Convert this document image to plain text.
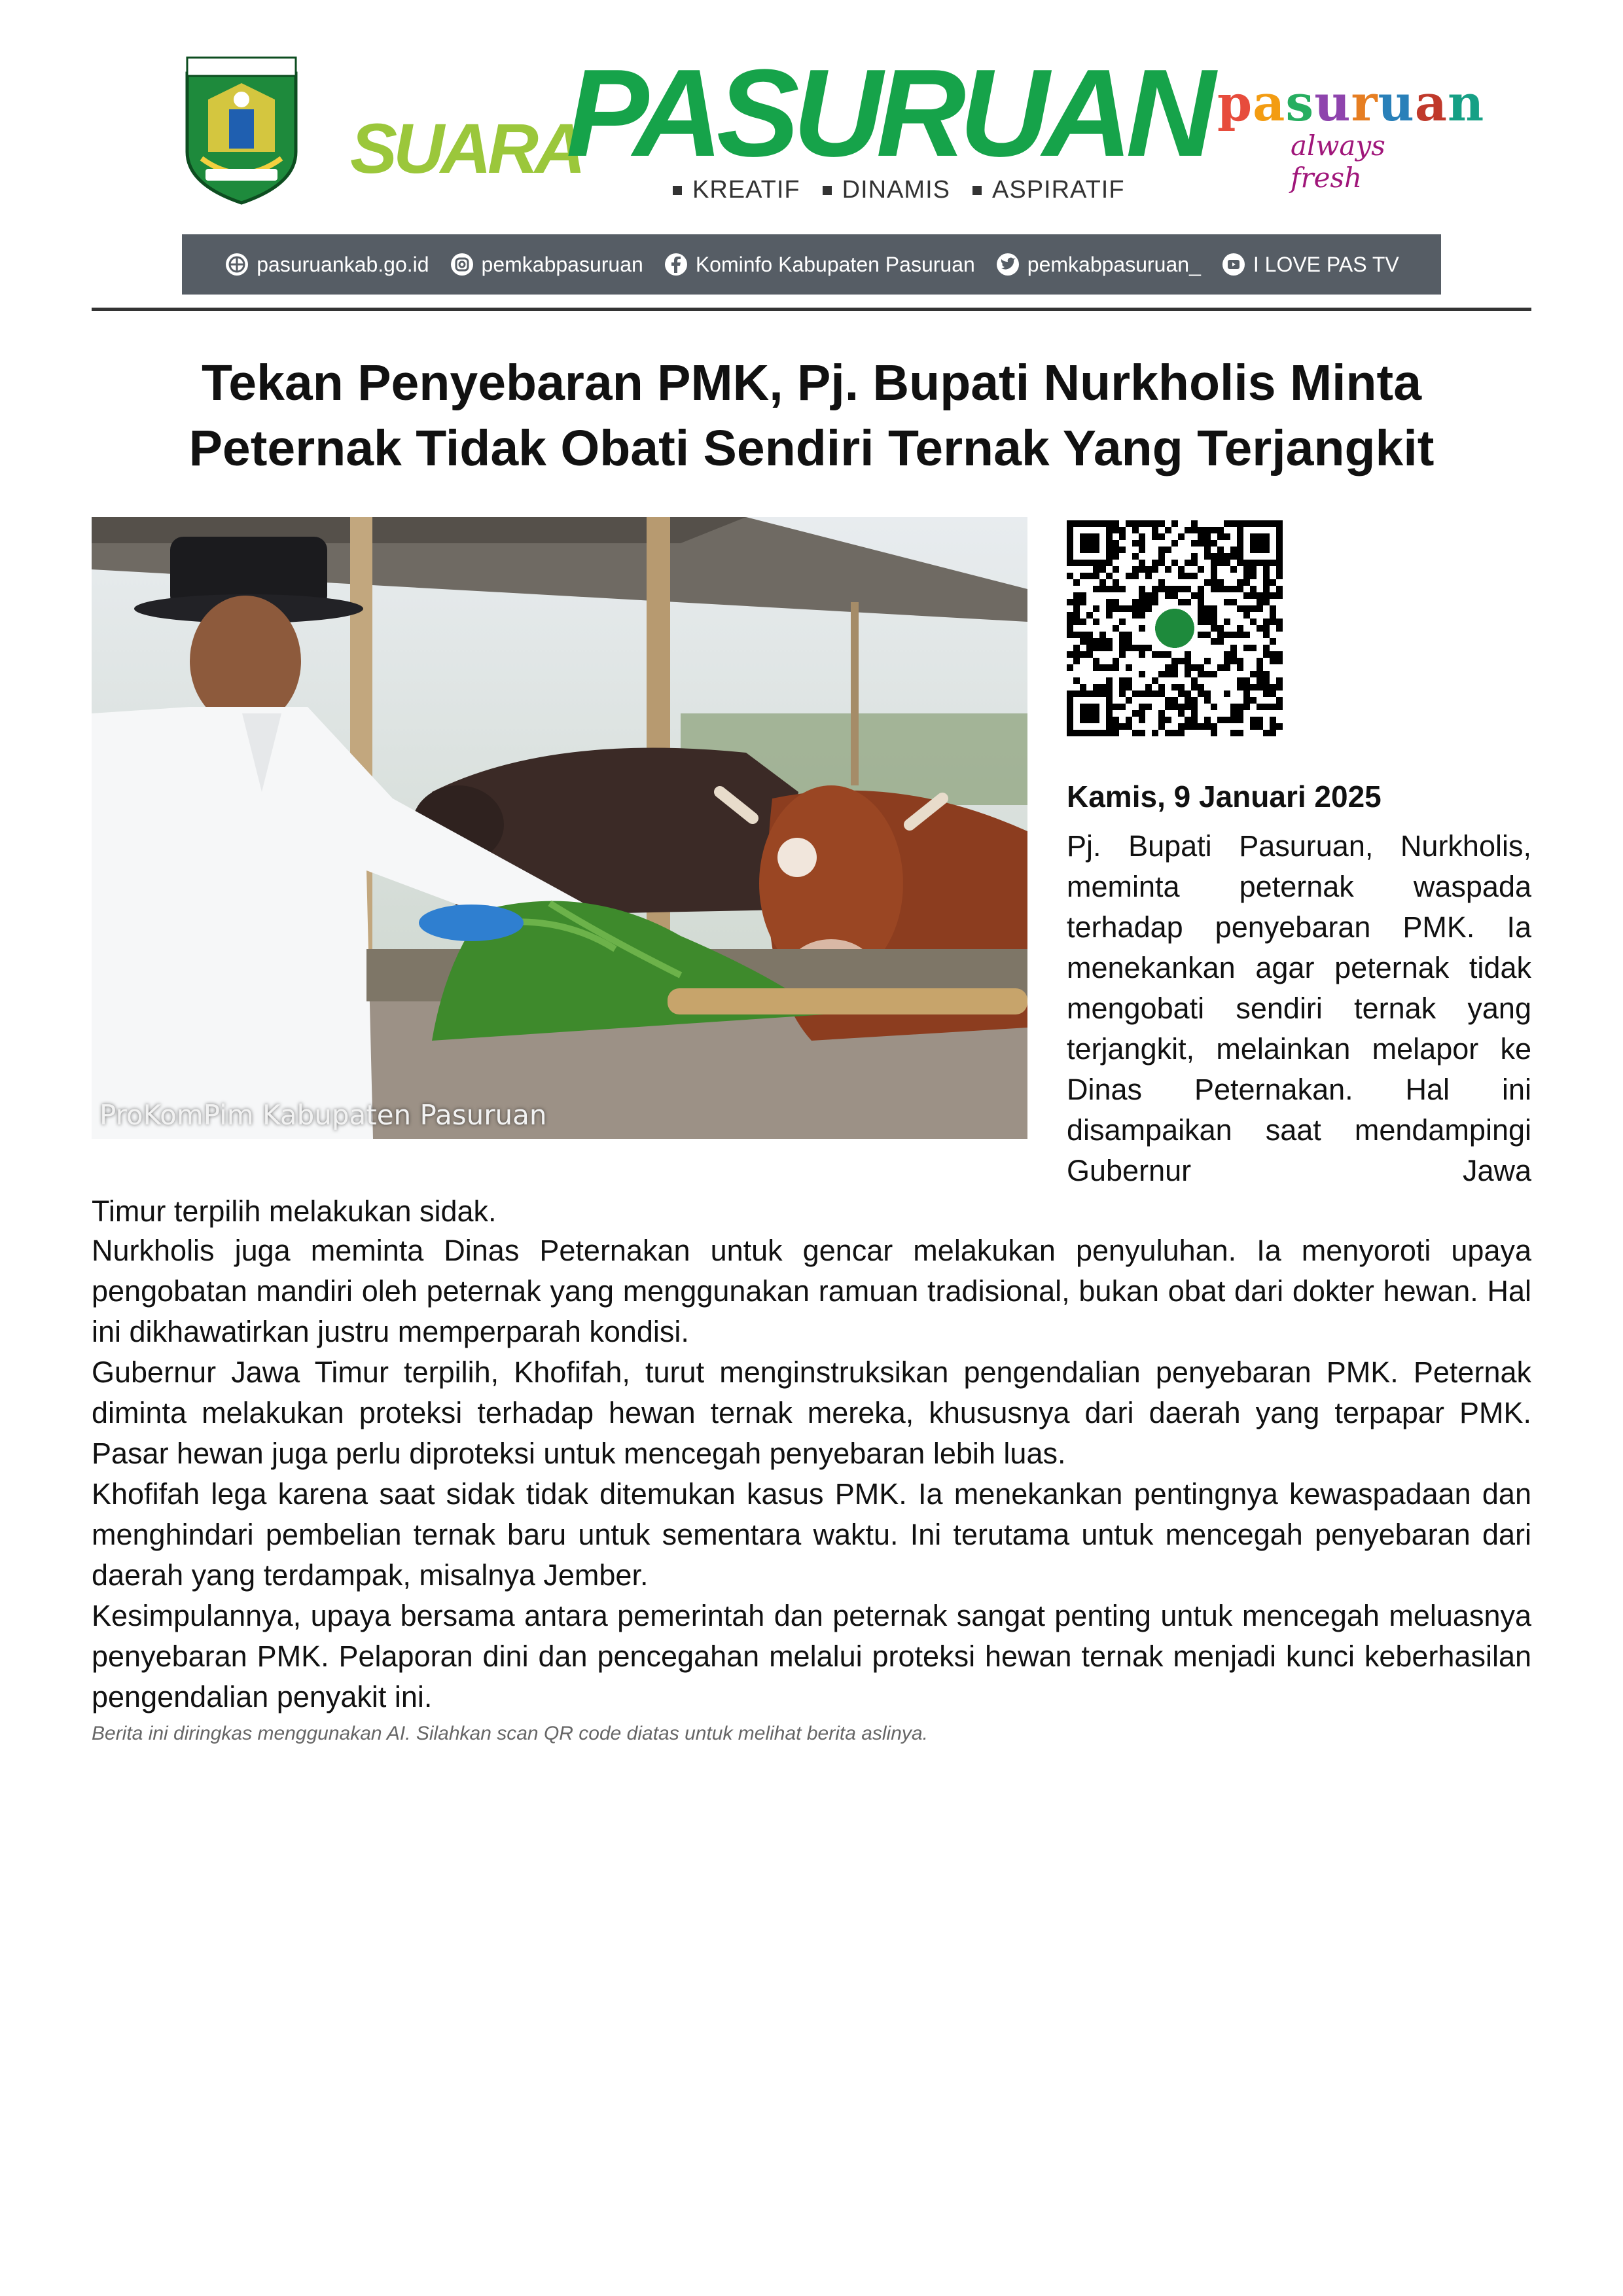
SUARA
PASURUAN
KREATIF	DINAMIS	ASPIRATIF
pasuruan
always fresh
pasuruankab.go.id	pemkabpasuruan	Kominfo Kabupaten Pasuruan	pemkabpasuruan_	I LOVE PAS TV
Tekan Penyebaran PMK, Pj. Bupati Nurkholis Minta
Peternak Tidak Obati Sendiri Ternak Yang Terjangkit
ProKomPim Kabupaten Pasuruan
Kamis, 9 Januari 2025

Pj. Bupati Pasuruan, Nurkholis, meminta peternak waspada terhadap penyebaran PMK. Ia menekankan agar peternak tidak mengobati sendiri ternak yang terjangkit, melainkan melapor ke Dinas Peternakan. Hal ini disampaikan saat mendampingi Gubernur Jawa

Timur terpilih melakukan sidak.

Nurkholis juga meminta Dinas Peternakan untuk gencar melakukan penyuluhan. Ia menyoroti upaya pengobatan mandiri oleh peternak yang menggunakan ramuan tradisional, bukan obat dari dokter hewan. Hal ini dikhawatirkan justru memperparah kondisi.

Gubernur Jawa Timur terpilih, Khofifah, turut menginstruksikan pengendalian penyebaran PMK. Peternak diminta melakukan proteksi terhadap hewan ternak mereka, khususnya dari daerah yang terpapar PMK. Pasar hewan juga perlu diproteksi untuk mencegah penyebaran lebih luas.

Khofifah lega karena saat sidak tidak ditemukan kasus PMK. Ia menekankan pentingnya kewaspadaan dan menghindari pembelian ternak baru untuk sementara waktu. Ini terutama untuk mencegah penyebaran dari daerah yang terdampak, misalnya Jember.

Kesimpulannya, upaya bersama antara pemerintah dan peternak sangat penting untuk mencegah meluasnya penyebaran PMK. Pelaporan dini dan pencegahan melalui proteksi hewan ternak menjadi kunci keberhasilan pengendalian penyakit ini.

Berita ini diringkas menggunakan AI. Silahkan scan QR code diatas untuk melihat berita aslinya.
